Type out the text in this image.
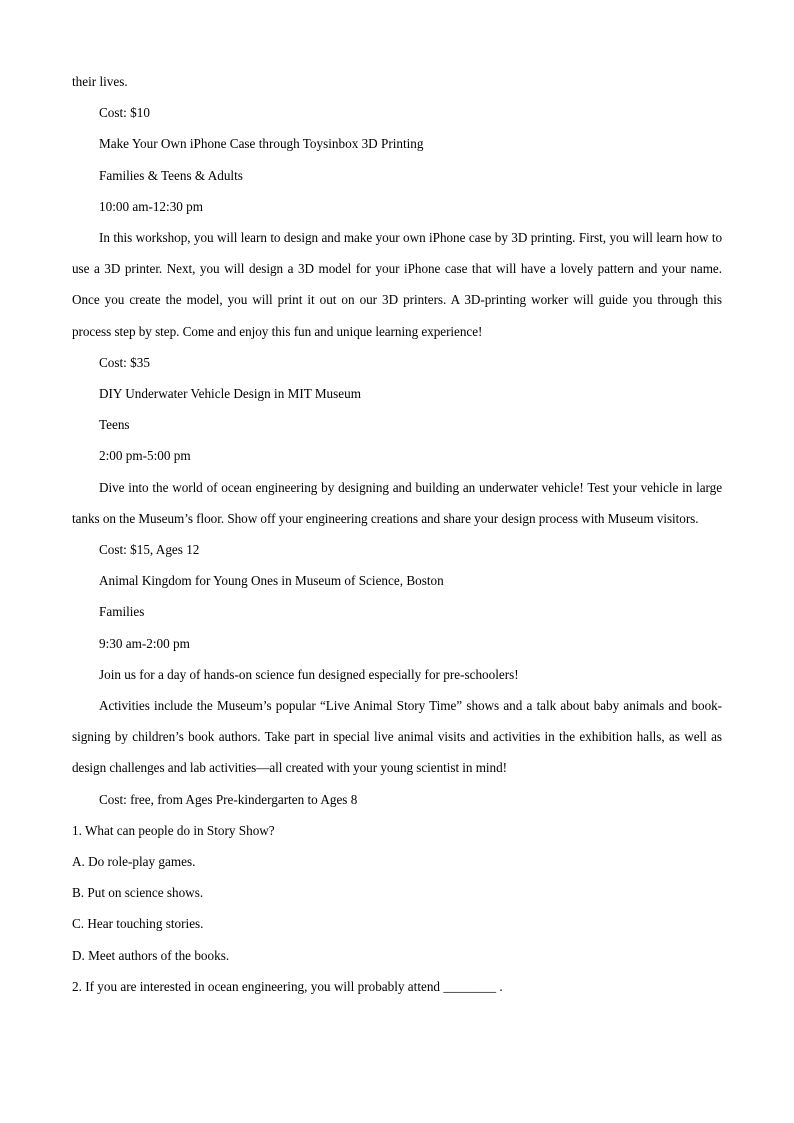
their lives.

Cost: $10

Make Your Own iPhone Case through Toysinbox 3D Printing

Families & Teens & Adults

10:00 am-12:30 pm

In this workshop, you will learn to design and make your own iPhone case by 3D printing. First, you will learn how to use a 3D printer. Next, you will design a 3D model for your iPhone case that will have a lovely pattern and your name. Once you create the model, you will print it out on our 3D printers. A 3D-printing worker will guide you through this process step by step. Come and enjoy this fun and unique learning experience!

Cost: $35

DIY Underwater Vehicle Design in MIT Museum

Teens

2:00 pm-5:00 pm

Dive into the world of ocean engineering by designing and building an underwater vehicle! Test your vehicle in large tanks on the Museum’s floor. Show off your engineering creations and share your design process with Museum visitors.

Cost: $15, Ages 12

Animal Kingdom for Young Ones in Museum of Science, Boston

Families

9:30 am-2:00 pm

Join us for a day of hands-on science fun designed especially for pre-schoolers!

Activities include the Museum’s popular “Live Animal Story Time” shows and a talk about baby animals and book-signing by children’s book authors. Take part in special live animal visits and activities in the exhibition halls, as well as design challenges and lab activities—all created with your young scientist in mind!

Cost: free, from Ages Pre-kindergarten to Ages 8

1. What can people do in Story Show?

A. Do role-play games.

B. Put on science shows.

C. Hear touching stories.

D. Meet authors of the books.

2. If you are interested in ocean engineering, you will probably attend ________ .
